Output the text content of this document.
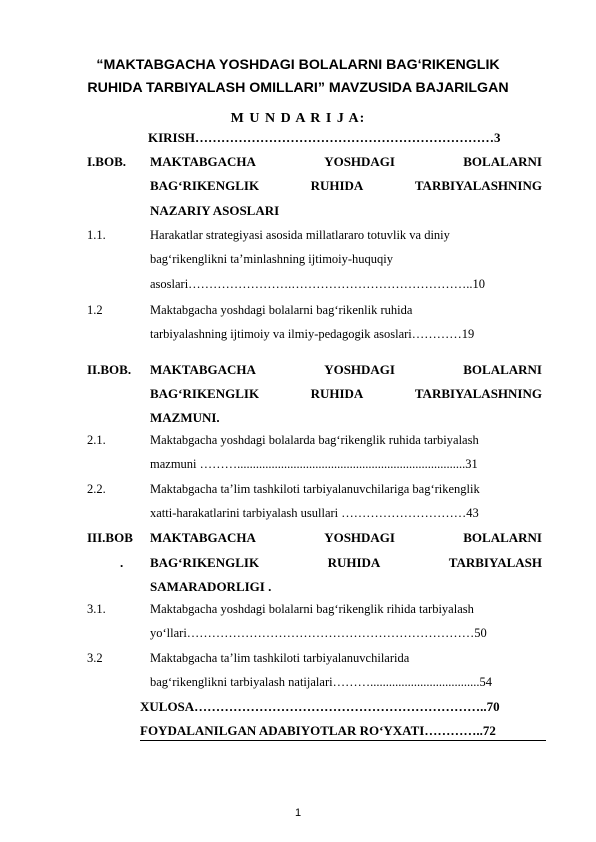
“MAKTABGACHA YOSHDAGI BOLALARNI BAG‘RIKENGLIK
RUHIDA TARBIYALASH OMILLARI” MAVZUSIDA BAJARILGAN
M U N D A R I J A:
KIRISH……………………………………………………………3
I.BOB. MAKTABGACHA	YOSHDAGI	BOLALARNI
BAG‘RIKENGLIK	RUHIDA	TARBIYALASHNING
NAZARIY ASOSLARI
1.1.	Harakatlar strategiyasi asosida millatlararo totuvlik va diniy
bag‘rikenglikni ta’minlashning ijtimoiy-huquqiy
asoslari…………………….……………………………………..10
1.2	Maktabgacha yoshdagi bolalarni bag‘rikenlik ruhida
tarbiyalashning ijtimoiy va ilmiy-pedagogik asoslari…………19
II.BOB. MAKTABGACHA	YOSHDAGI	BOLALARNI
BAG‘RIKENGLIK	RUHIDA	TARBIYALASHNING
MAZMUNI.
2.1.	Maktabgacha yoshdagi bolalarda bag‘rikenglik ruhida tarbiyalash
mazmuni ……….........................................................................31
2.2.	Maktabgacha ta’lim tashkiloti tarbiyalanuvchilariga bag‘rikenglik
xatti-harakatlarini tarbiyalash usullari …………………………43
III.BOB
.
MAKTABGACHA	YOSHDAGI	BOLALARNI
BAG‘RIKENGLIK	RUHIDA	TARBIYALASH
SAMARADORLIGI .
3.1.	Maktabgacha yoshdagi bolalarni bag‘rikenglik rihida tarbiyalash
yo‘llari……………………………………………………………50
3.2	Maktabgacha ta’lim tashkiloti tarbiyalanuvchilarida
bag‘rikenglikni tarbiyalash natijalari………...................................54
XULOSA…………………………………………………………..70
FOYDALANILGAN ADABIYOTLAR RO‘YXATI…………..72
1
